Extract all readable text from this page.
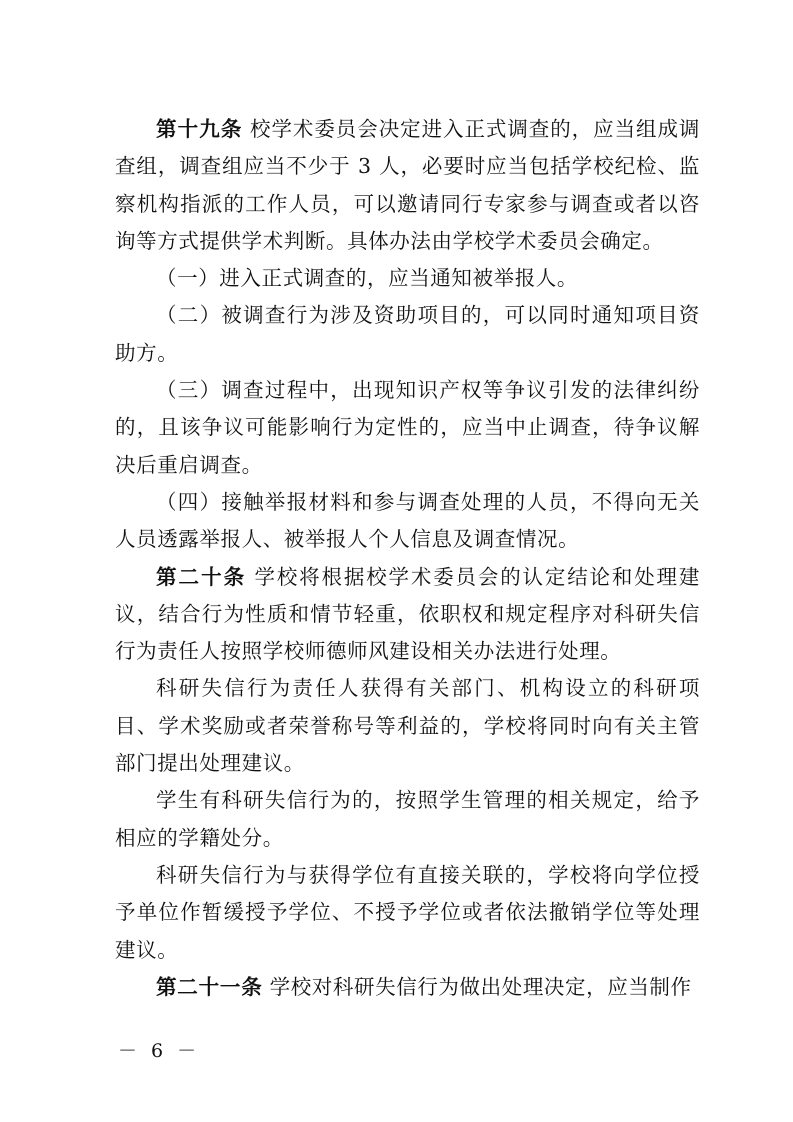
第十九条 校学术委员会决定进入正式调查的，应当组成调查组，调查组应当不少于 3 人，必要时应当包括学校纪检、监察机构指派的工作人员，可以邀请同行专家参与调查或者以咨询等方式提供学术判断。具体办法由学校学术委员会确定。

（一）进入正式调查的，应当通知被举报人。

（二）被调查行为涉及资助项目的，可以同时通知项目资助方。

（三）调查过程中，出现知识产权等争议引发的法律纠纷的，且该争议可能影响行为定性的，应当中止调查，待争议解决后重启调查。

（四）接触举报材料和参与调查处理的人员，不得向无关人员透露举报人、被举报人个人信息及调查情况。

第二十条 学校将根据校学术委员会的认定结论和处理建议，结合行为性质和情节轻重，依职权和规定程序对科研失信行为责任人按照学校师德师风建设相关办法进行处理。

科研失信行为责任人获得有关部门、机构设立的科研项目、学术奖励或者荣誉称号等利益的，学校将同时向有关主管部门提出处理建议。

学生有科研失信行为的，按照学生管理的相关规定，给予相应的学籍处分。

科研失信行为与获得学位有直接关联的，学校将向学位授予单位作暂缓授予学位、不授予学位或者依法撤销学位等处理建议。

第二十一条 学校对科研失信行为做出处理决定，应当制作

－ 6 －
